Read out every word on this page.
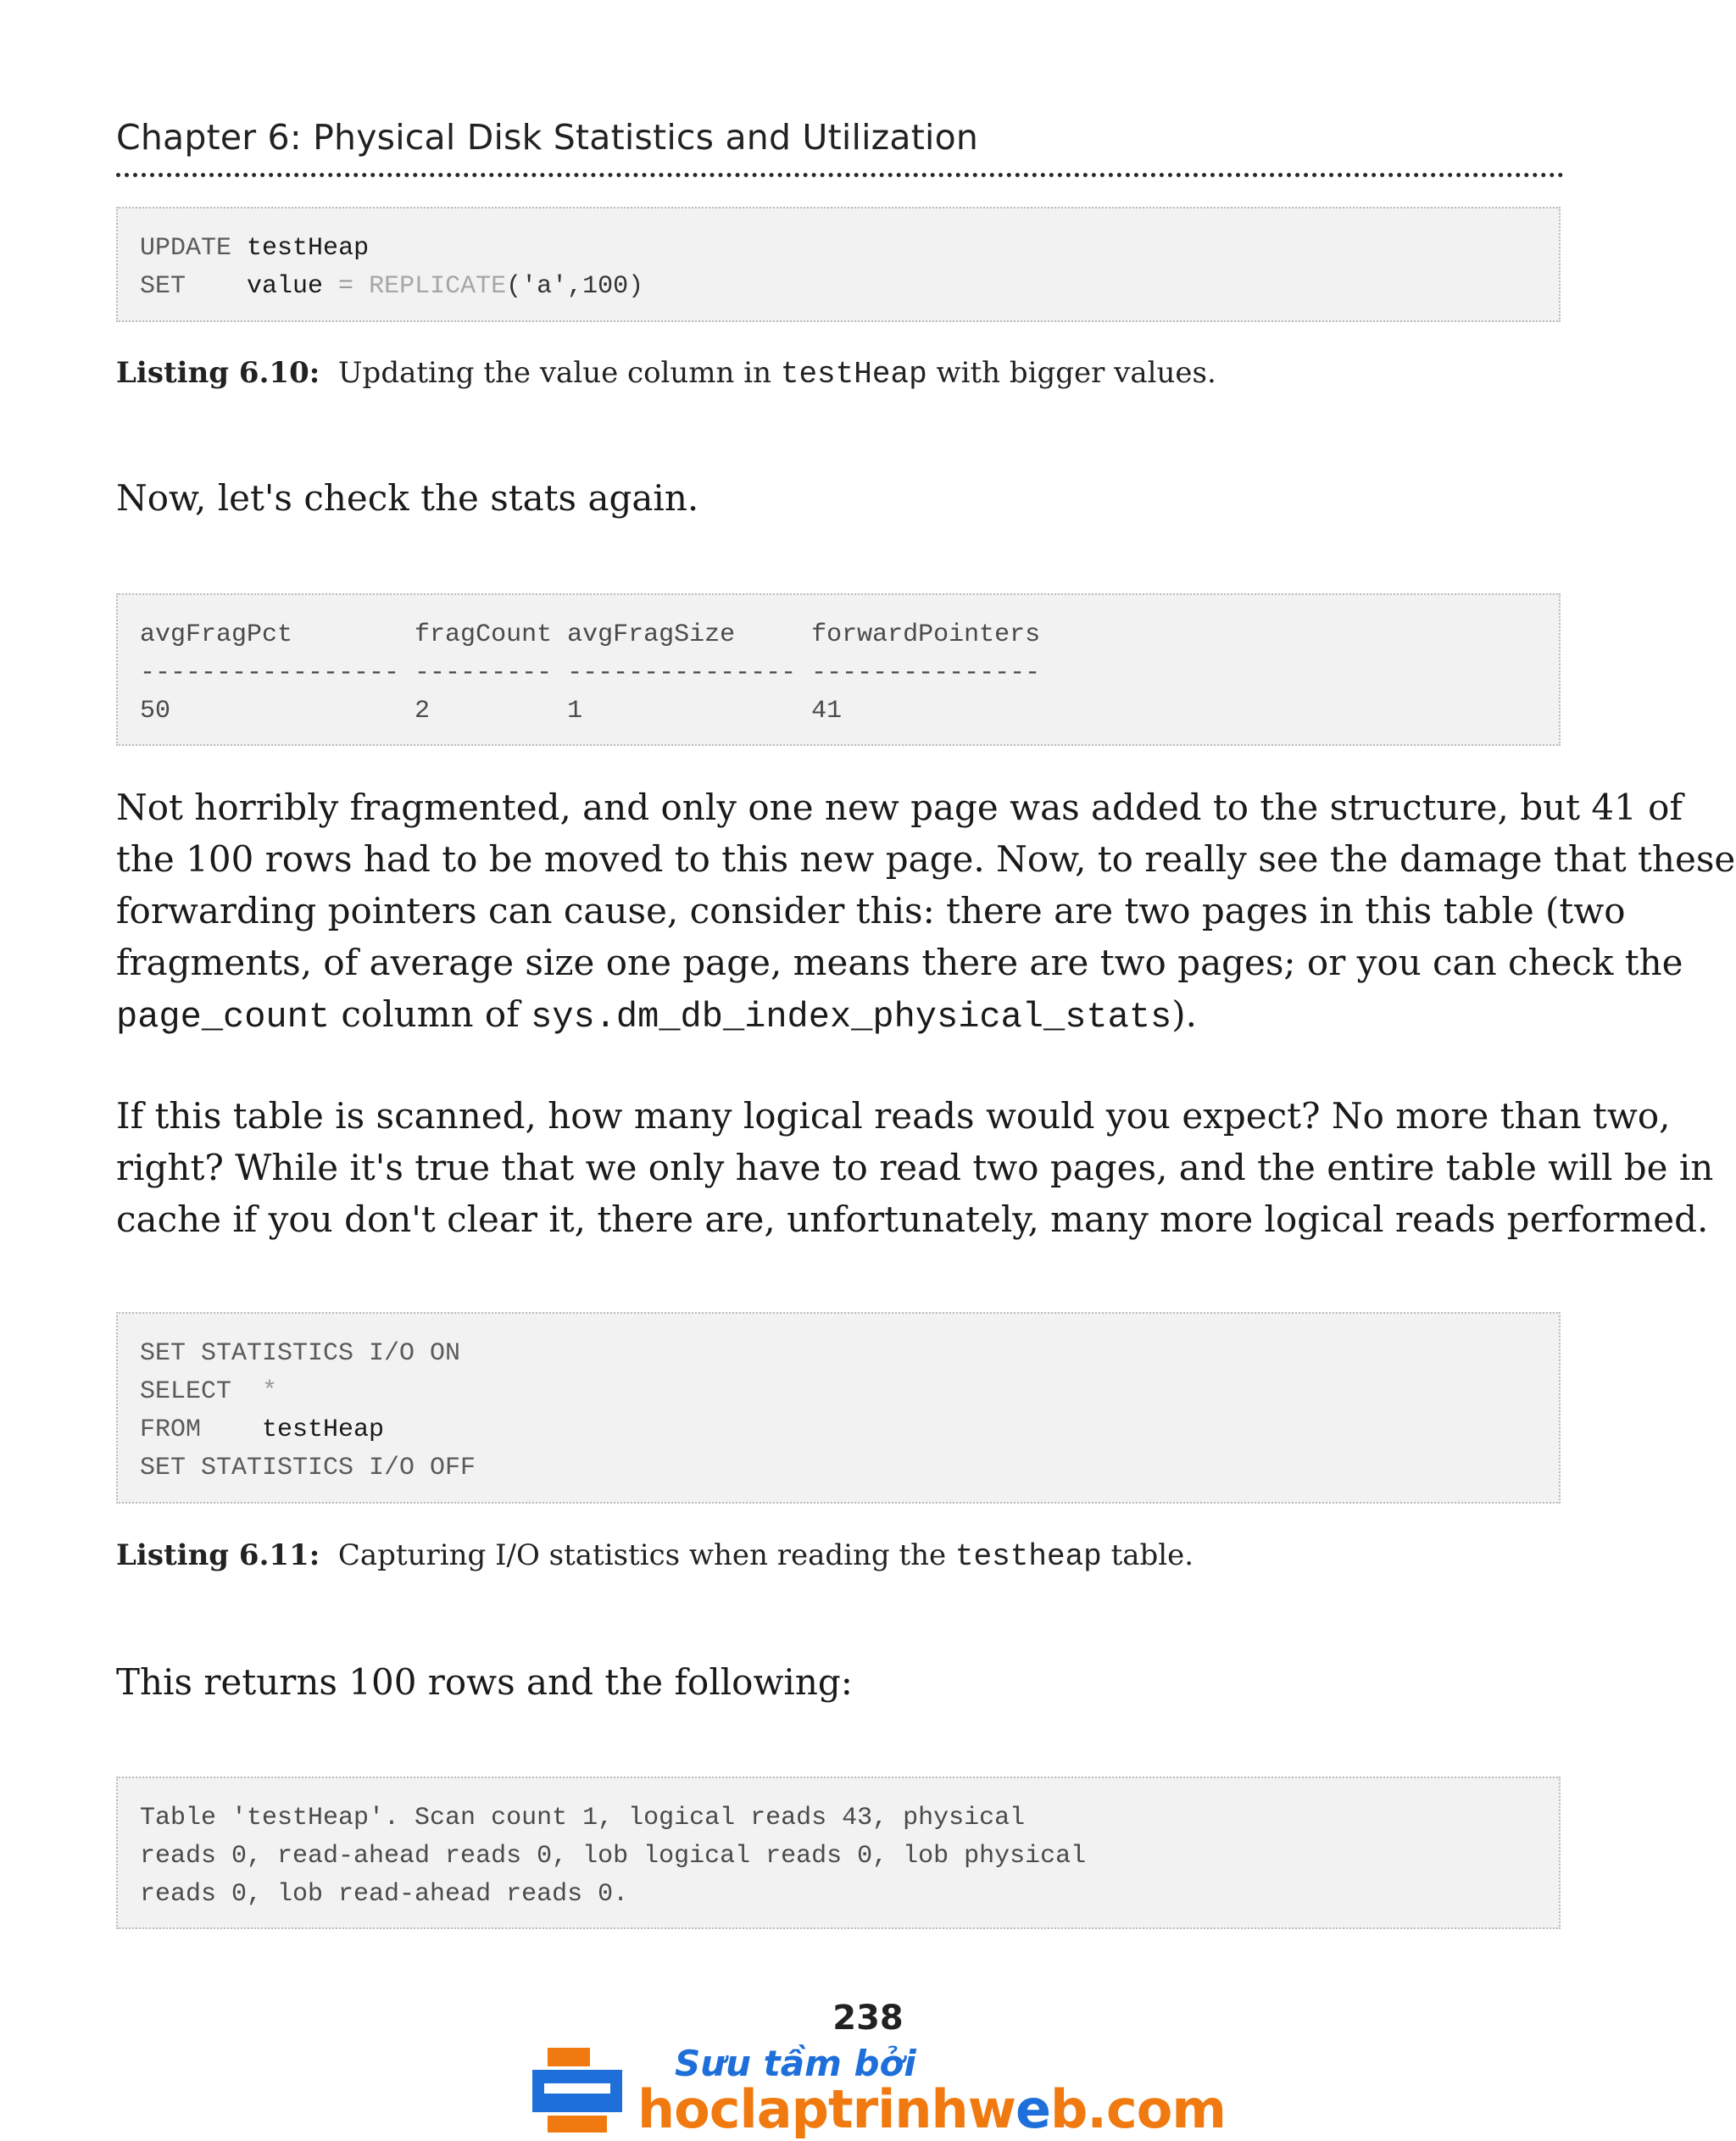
Chapter 6: Physical Disk Statistics and Utilization
UPDATE testHeap
SET value = REPLICATE('a',100)
Listing 6.10:  Updating the value column in testHeap with bigger values.
Now, let's check the stats again.
avgFragPct        fragCount avgFragSize     forwardPointers
----------------- --------- --------------- ---------------
50                2         1               41
Not horribly fragmented, and only one new page was added to the structure, but 41 of
the 100 rows had to be moved to this new page. Now, to really see the damage that these
forwarding pointers can cause, consider this: there are two pages in this table (two
fragments, of average size one page, means there are two pages; or you can check the
page_count column of sys.dm_db_index_physical_stats).
If this table is scanned, how many logical reads would you expect? No more than two,
right? While it's true that we only have to read two pages, and the entire table will be in
cache if you don't clear it, there are, unfortunately, many more logical reads performed.
SET STATISTICS I/O ON
SELECT  *
FROM    testHeap
SET STATISTICS I/O OFF
Listing 6.11:  Capturing I/O statistics when reading the testheap table.
This returns 100 rows and the following:
Table 'testHeap'. Scan count 1, logical reads 43, physical
reads 0, read-ahead reads 0, lob logical reads 0, lob physical
reads 0, lob read-ahead reads 0.
238
Sưu tầm bởi
hoclaptrinhweb.com
